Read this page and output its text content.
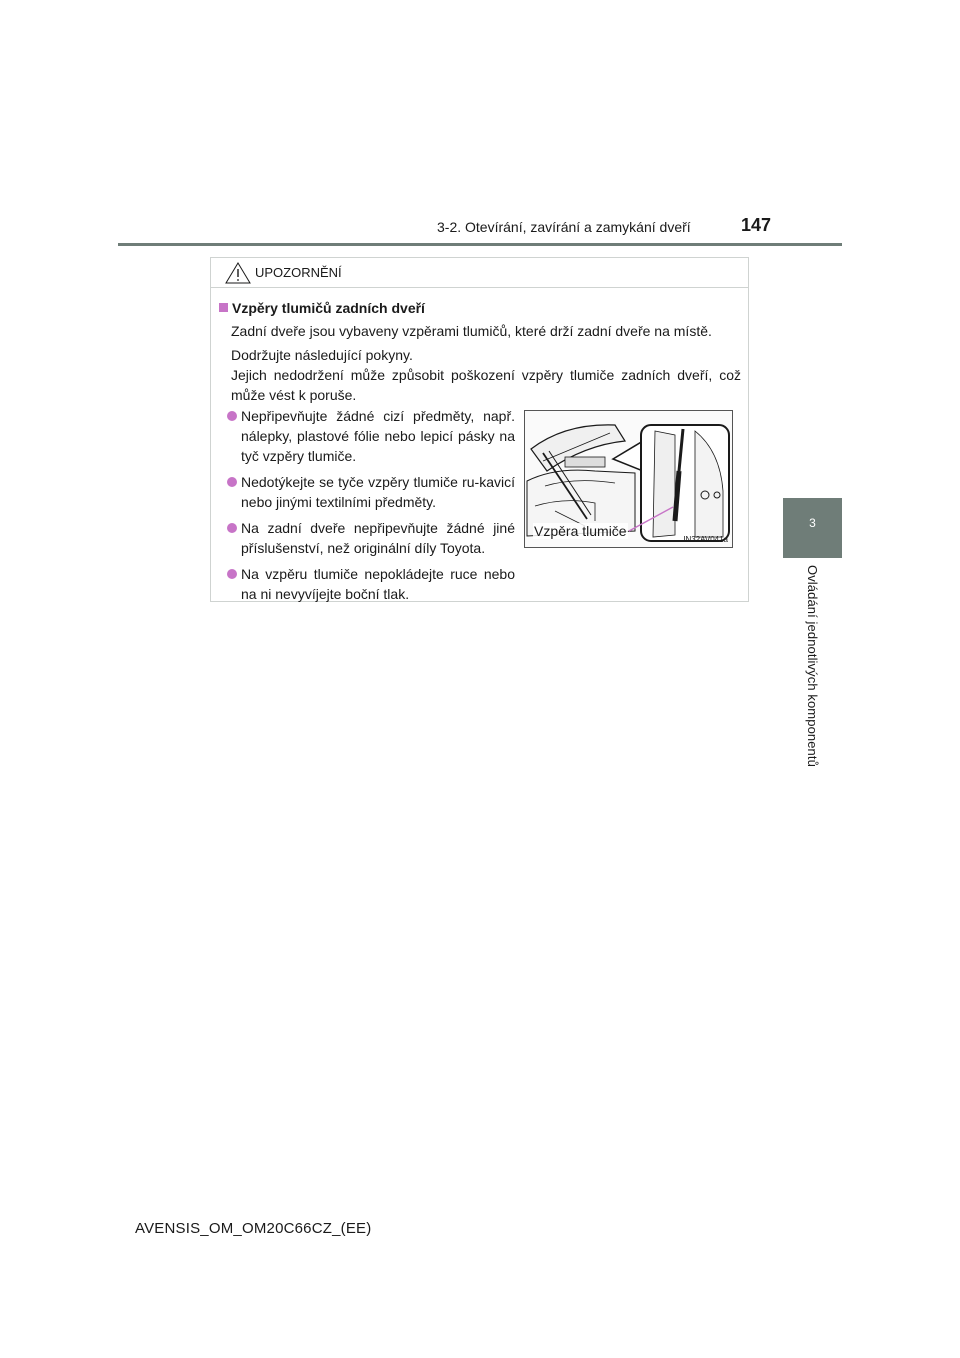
3-2. Otevírání, zavírání a zamykání dveří	147
3
Ovládání jednotlivých komponentů
UPOZORNĚNÍ
Vzpěry tlumičů zadních dveří
Zadní dveře jsou vybaveny vzpěrami tlumičů, které drží zadní dveře na místě.
Dodržujte následující pokyny.
Jejich nedodržení může způsobit poškození vzpěry tlumiče zadních dveří, což může vést k poruše.
Nepřipevňujte žádné cizí předměty, např. nálepky, plastové fólie nebo lepicí pásky na tyč vzpěry tlumiče.
Nedotýkejte se tyče vzpěry tlumiče ru-kavicí nebo jinými textilními předměty.
Na zadní dveře nepřipevňujte žádné jiné příslušenství, než originální díly Toyota.
Na vzpěru tlumiče nepokládejte ruce nebo na ni nevyvíjejte boční tlak.
Vzpěra tlumiče
IN32AV041a
AVENSIS_OM_OM20C66CZ_(EE)
